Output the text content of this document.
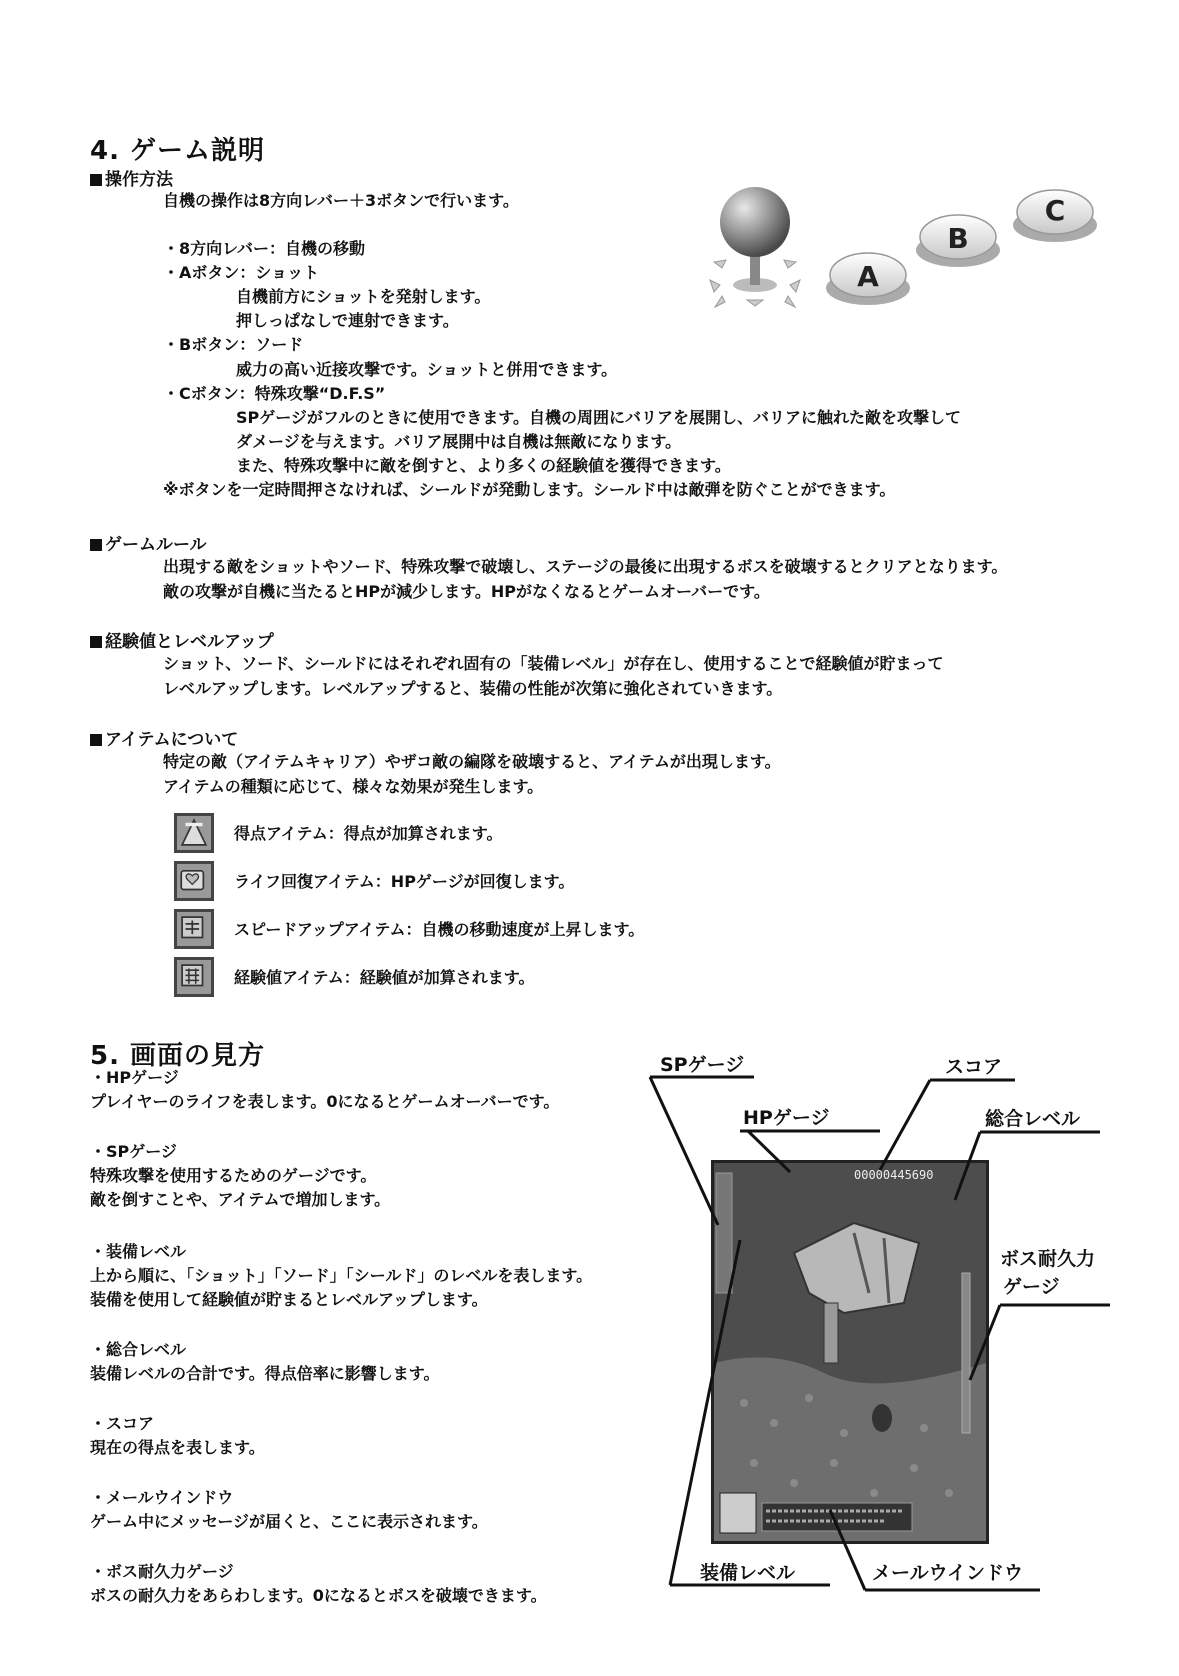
4. ゲーム説明
操作方法
自機の操作は8方向レバー＋3ボタンで行います。
・8方向レバー：自機の移動
・Aボタン：ショット
自機前方にショットを発射します。
押しっぱなしで連射できます。
・Bボタン：ソード
威力の高い近接攻撃です。ショットと併用できます。
・Cボタン：特殊攻撃“D.F.S”
SPゲージがフルのときに使用できます。自機の周囲にバリアを展開し、バリアに触れた敵を攻撃して
ダメージを与えます。バリア展開中は自機は無敵になります。
また、特殊攻撃中に敵を倒すと、より多くの経験値を獲得できます。
※ボタンを一定時間押さなければ、シールドが発動します。シールド中は敵弾を防ぐことができます。
A
B
C
ゲームルール
出現する敵をショットやソード、特殊攻撃で破壊し、ステージの最後に出現するボスを破壊するとクリアとなります。
敵の攻撃が自機に当たるとHPが減少します。HPがなくなるとゲームオーバーです。
経験値とレベルアップ
ショット、ソード、シールドにはそれぞれ固有の「装備レベル」が存在し、使用することで経験値が貯まって
レベルアップします。レベルアップすると、装備の性能が次第に強化されていきます。
アイテムについて
特定の敵（アイテムキャリア）やザコ敵の編隊を破壊すると、アイテムが出現します。
アイテムの種類に応じて、様々な効果が発生します。
得点アイテム：得点が加算されます。
ライフ回復アイテム：HPゲージが回復します。
スピードアップアイテム：自機の移動速度が上昇します。
経験値アイテム：経験値が加算されます。
5. 画面の見方
・HPゲージ
プレイヤーのライフを表します。0になるとゲームオーバーです。
・SPゲージ
特殊攻撃を使用するためのゲージです。
敵を倒すことや、アイテムで増加します。
・装備レベル
上から順に、「ショット」「ソード」「シールド」のレベルを表します。
装備を使用して経験値が貯まるとレベルアップします。
・総合レベル
装備レベルの合計です。得点倍率に影響します。
・スコア
現在の得点を表します。
・メールウインドウ
ゲーム中にメッセージが届くと、ここに表示されます。
・ボス耐久力ゲージ
ボスの耐久力をあらわします。0になるとボスを破壊できます。
00000445690
SPゲージ
HPゲージ
スコア
総合レベル
ボス耐久力
ゲージ
装備レベル	メールウインドウ
